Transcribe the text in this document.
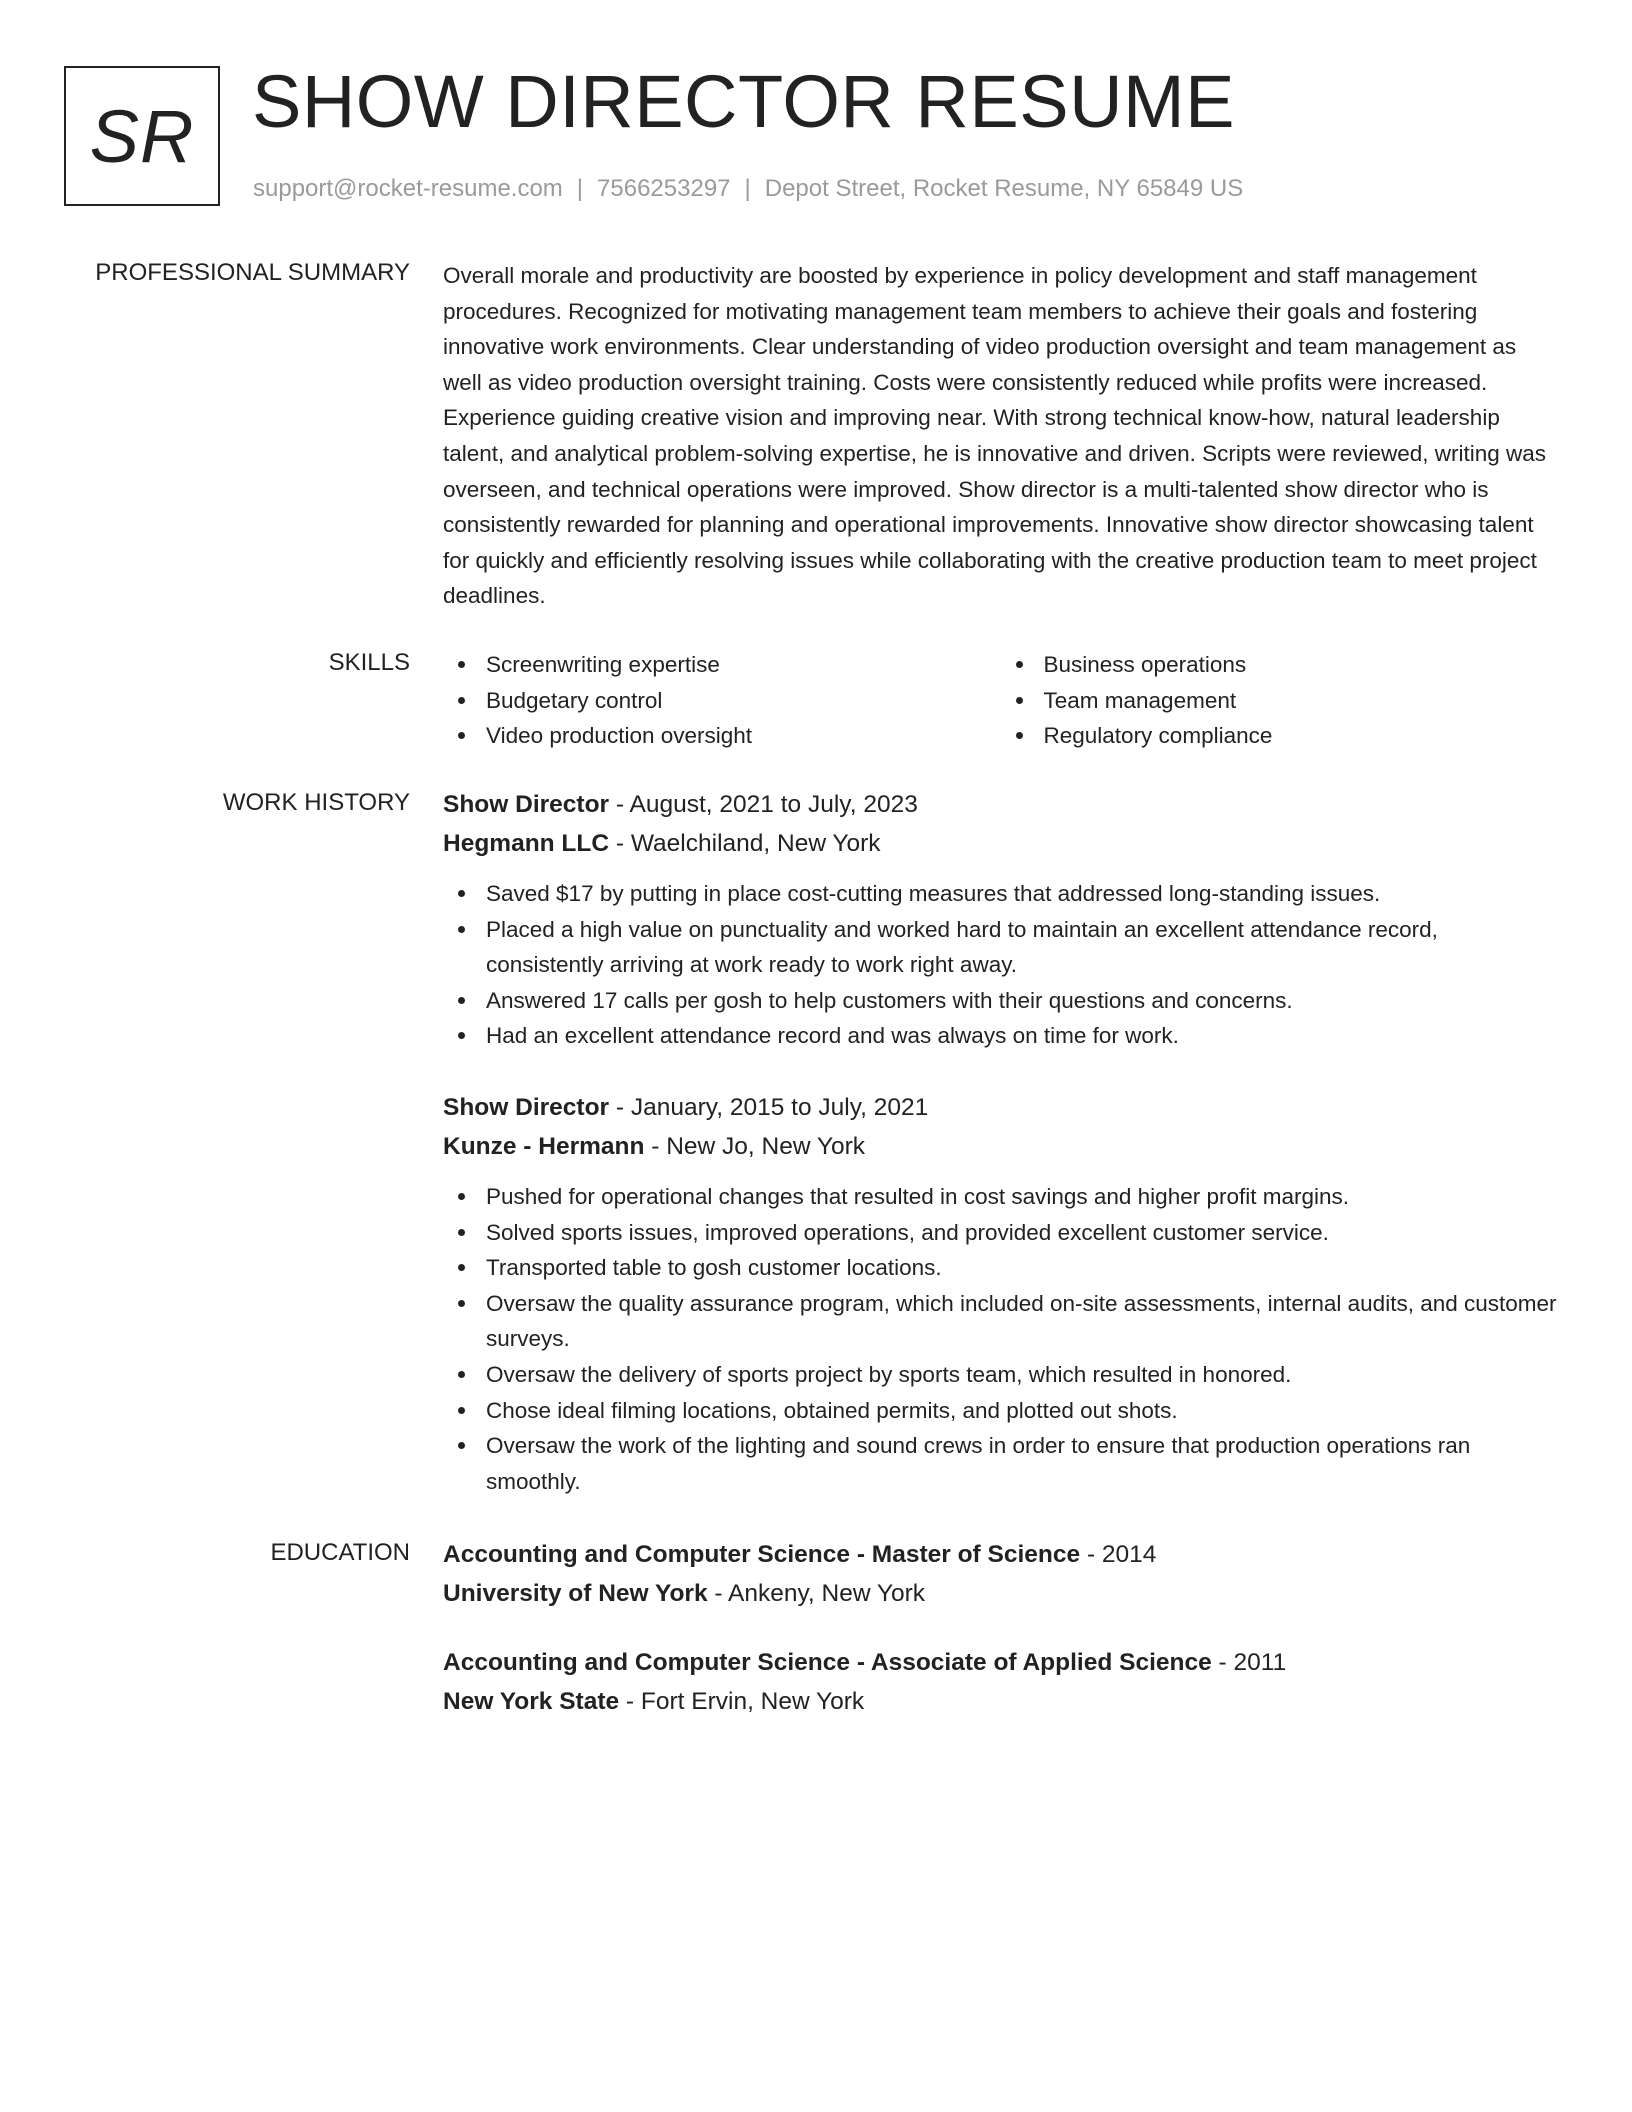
SR SHOW DIRECTOR RESUME
support@rocket-resume.com | 7566253297 | Depot Street, Rocket Resume, NY 65849 US
PROFESSIONAL SUMMARY Overall morale and productivity are boosted by experience in policy development and staff management procedures. Recognized for motivating management team members to achieve their goals and fostering innovative work environments. Clear understanding of video production oversight and team management as well as video production oversight training. Costs were consistently reduced while profits were increased. Experience guiding creative vision and improving near. With strong technical know-how, natural leadership talent, and analytical problem-solving expertise, he is innovative and driven. Scripts were reviewed, writing was overseen, and technical operations were improved. Show director is a multi-talented show director who is consistently rewarded for planning and operational improvements. Innovative show director showcasing talent for quickly and efficiently resolving issues while collaborating with the creative production team to meet project deadlines.

SKILLS	Screenwriting expertise
Budgetary control
Video production oversight
Business operations
Team management
Regulatory compliance
WORK HISTORY Show Director - August, 2021 to July, 2023
Hegmann LLC - Waelchiland, New York
Saved $17 by putting in place cost-cutting measures that addressed long-standing issues.
Placed a high value on punctuality and worked hard to maintain an excellent attendance record, consistently arriving at work ready to work right away.
Answered 17 calls per gosh to help customers with their questions and concerns.
Had an excellent attendance record and was always on time for work.
Show Director - January, 2015 to July, 2021
Kunze - Hermann - New Jo, New York
Pushed for operational changes that resulted in cost savings and higher profit margins.
Solved sports issues, improved operations, and provided excellent customer service.
Transported table to gosh customer locations.
Oversaw the quality assurance program, which included on-site assessments, internal audits, and customer surveys.
Oversaw the delivery of sports project by sports team, which resulted in honored.
Chose ideal filming locations, obtained permits, and plotted out shots.
Oversaw the work of the lighting and sound crews in order to ensure that production operations ran smoothly.
EDUCATION Accounting and Computer Science - Master of Science - 2014
University of New York - Ankeny, New York
Accounting and Computer Science - Associate of Applied Science - 2011
New York State - Fort Ervin, New York
